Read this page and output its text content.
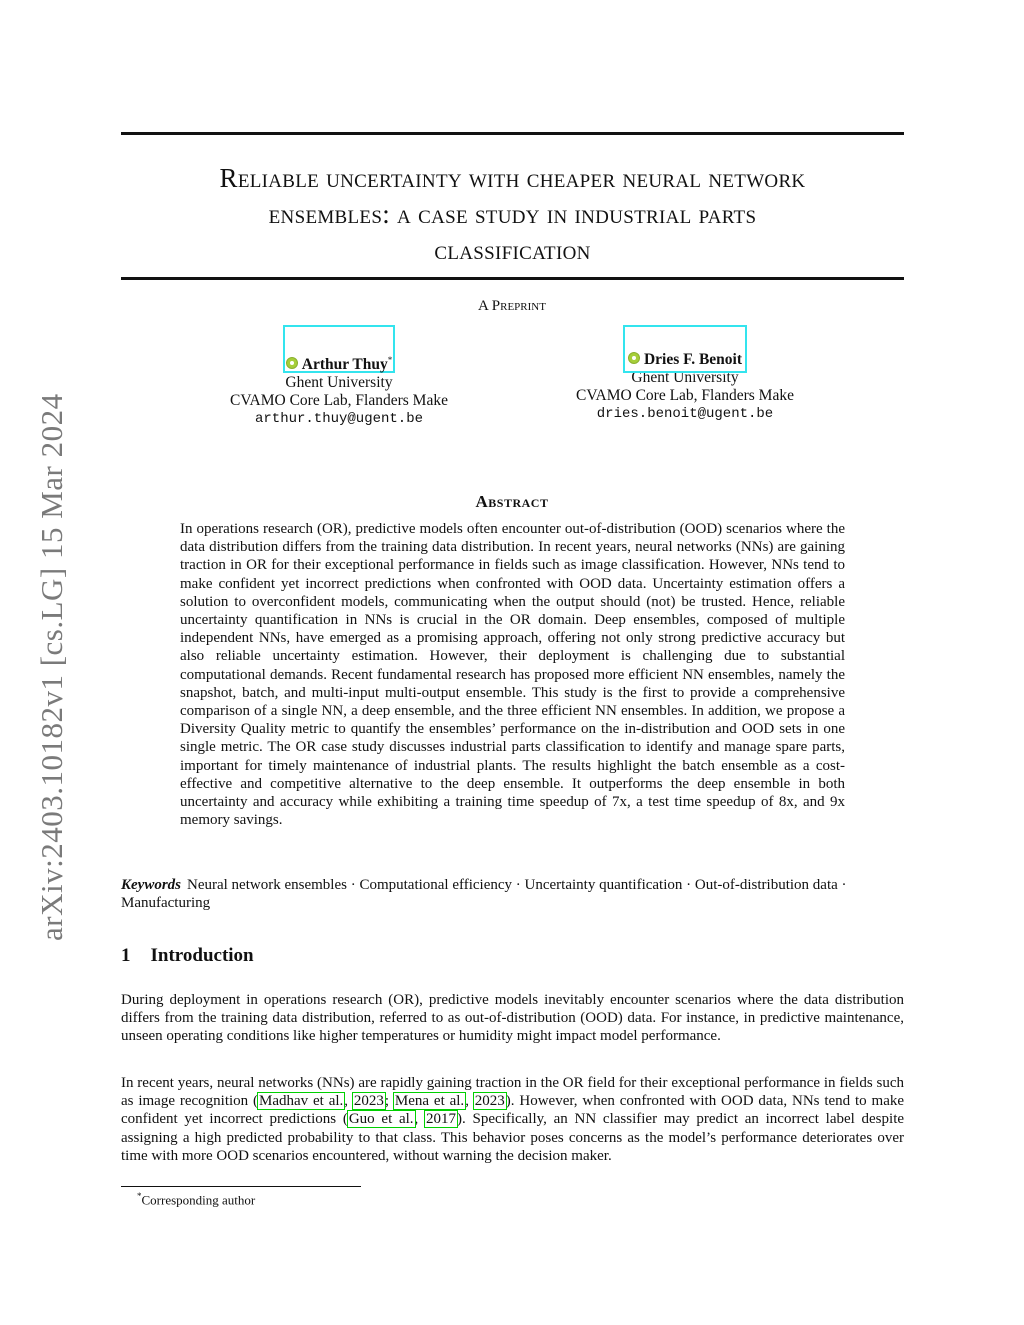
arXiv:2403.10182v1 [cs.LG] 15 Mar 2024
Reliable uncertainty with cheaper neural network
ensembles: a case study in industrial parts
classification
A Preprint
Arthur Thuy*
Ghent University
CVAMO Core Lab, Flanders Make
arthur.thuy@ugent.be
Dries F. Benoit
Ghent University
CVAMO Core Lab, Flanders Make
dries.benoit@ugent.be
Abstract
In operations research (OR), predictive models often encounter out-of-distribution (OOD) scenarios where the data distribution differs from the training data distribution. In recent years, neural networks (NNs) are gaining traction in OR for their exceptional performance in fields such as image classification. However, NNs tend to make confident yet incorrect predictions when confronted with OOD data. Uncertainty estimation offers a solution to overconfident models, communicating when the output should (not) be trusted. Hence, reliable uncertainty quantification in NNs is crucial in the OR domain. Deep ensembles, composed of multiple independent NNs, have emerged as a promising approach, offering not only strong predictive accuracy but also reliable uncertainty estimation. However, their deployment is challenging due to substantial computational demands. Recent fundamental research has proposed more efficient NN ensembles, namely the snapshot, batch, and multi-input multi-output ensemble. This study is the first to provide a comprehensive comparison of a single NN, a deep ensemble, and the three efficient NN ensembles. In addition, we propose a Diversity Quality metric to quantify the ensembles’ performance on the in-distribution and OOD sets in one single metric. The OR case study discusses industrial parts classification to identify and manage spare parts, important for timely maintenance of industrial plants. The results highlight the batch ensemble as a cost-effective and competitive alternative to the deep ensemble. It outperforms the deep ensemble in both uncertainty and accuracy while exhibiting a training time speedup of 7x, a test time speedup of 8x, and 9x memory savings.
Keywords Neural network ensembles · Computational efficiency · Uncertainty quantification · Out-of-distribution data · Manufacturing
1 Introduction
During deployment in operations research (OR), predictive models inevitably encounter scenarios where the data distribution differs from the training data distribution, referred to as out-of-distribution (OOD) data. For instance, in predictive maintenance, unseen operating conditions like higher temperatures or humidity might impact model performance.
In recent years, neural networks (NNs) are rapidly gaining traction in the OR field for their exceptional performance in fields such as image recognition (Madhav et al., 2023; Mena et al., 2023). However, when confronted with OOD data, NNs tend to make confident yet incorrect predictions (Guo et al., 2017). Specifically, an NN classifier may predict an incorrect label despite assigning a high predicted probability to that class. This behavior poses concerns as the model’s performance deteriorates over time with more OOD scenarios encountered, without warning the decision maker.
*Corresponding author
